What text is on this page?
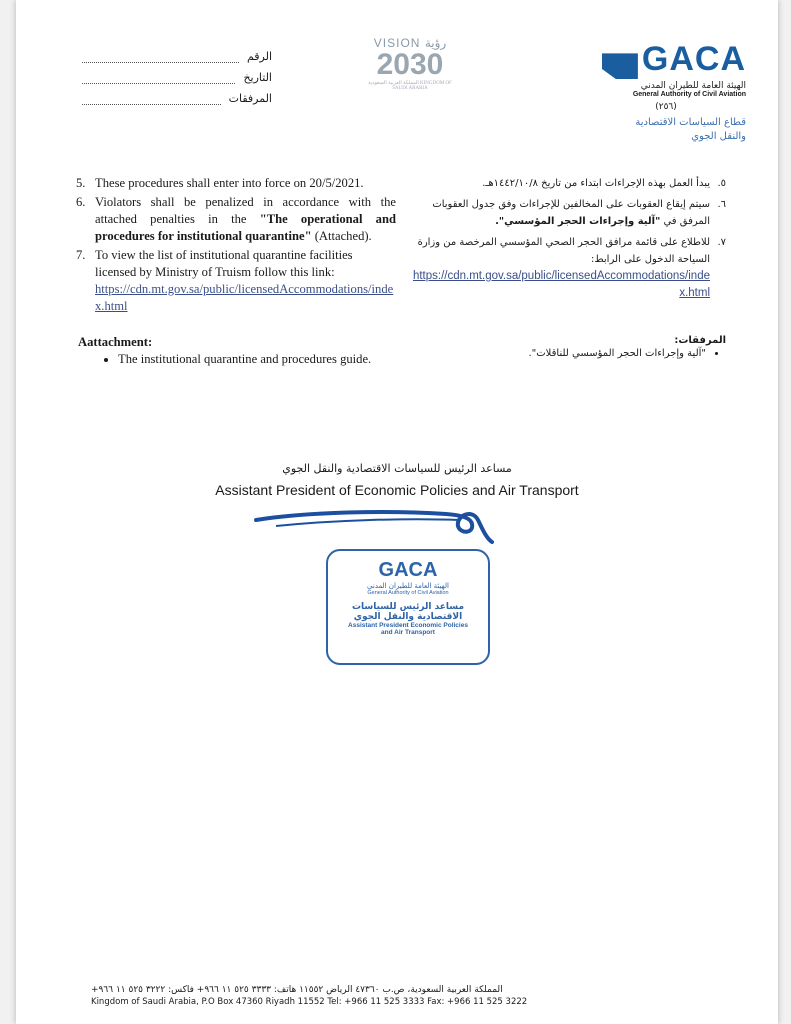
الرقم
التاريخ
المرفقات
VISION رؤية
2030
المملكة العربية السعودية KINGDOM OF SAUDI ARABIA
GACA
الهيئة العامة للطيران المدني
General Authority of Civil Aviation
(٢٥٦)
قطاع السياسات الاقتصادية
والنقل الجوي
5. These procedures shall enter into force on 20/5/2021.
6. Violators shall be penalized in accordance with the attached penalties in the "The operational and procedures for institutional quarantine" (Attached).
7. To view the list of institutional quarantine facilities licensed by Ministry of Truism follow this link:
https://cdn.mt.gov.sa/public/licensedAccommodations/index.html
٥.
يبدأ العمل بهذه الإجراءات ابتداء من تاريخ ١٤٤٢/١٠/٨هـ.
٦.
سيتم إيقاع العقوبات على المخالفين للإجراءات وفق جدول العقوبات المرفق في "آلية وإجراءات الحجر المؤسسي".
٧.
للاطلاع على قائمة مرافق الحجر الصحي المؤسسي المرخصة من وزارة السياحة الدخول على الرابط:
https://cdn.mt.gov.sa/public/licensedAccommodations/index.html
Aattachment:
• The institutional quarantine and procedures guide.
المرفقات:
• "آلية وإجراءات الحجر المؤسسي للناقلات".
مساعد الرئيس للسياسات الاقتصادية والنقل الجوي
Assistant President of Economic Policies and Air Transport
GACA
الهيئة العامة للطيران المدني
General Authority of Civil Aviation
مساعد الرئيس للسياسات الاقتصادية والنقل الجوي
Assistant President Economic Policies
and Air Transport
المملكة العربية السعودية، ص.ب ٤٧٣٦٠ الرياض ١١٥٥٢ هاتف: ٣٣٣٣ ٥٢٥ ١١ ٩٦٦+ فاكس: ٣٢٢٢ ٥٢٥ ١١ ٩٦٦+
Kingdom of Saudi Arabia, P.O Box 47360 Riyadh 11552 Tel: +966 11 525 3333 Fax: +966 11 525 3222
